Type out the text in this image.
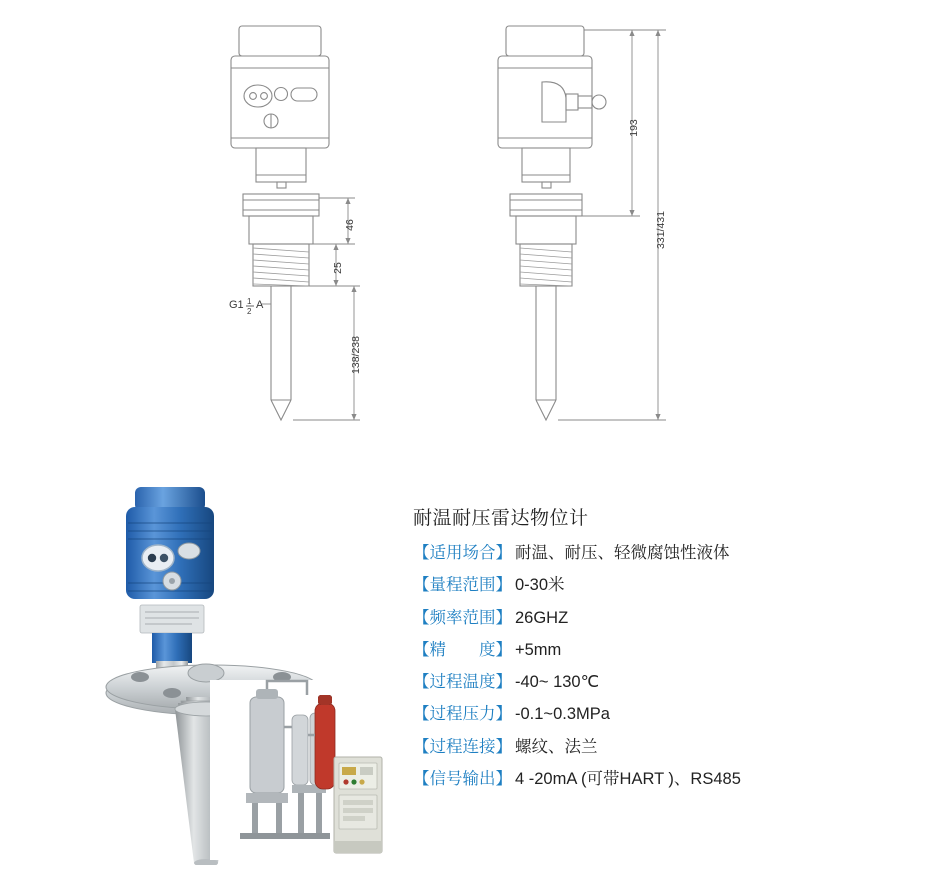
46
25
138/238
G1 1
2
A
193
331/431
耐温耐压雷达物位计
【适用场合】 耐温、耐压、轻微腐蚀性液体
【量程范围】 0-30米
【频率范围】 26GHZ
【精　　度】 +5mm
【过程温度】 -40~ 130℃
【过程压力】 -0.1~0.3MPa
【过程连接】 螺纹、法兰
【信号输出】 4 -20mA (可带HART )、RS485
